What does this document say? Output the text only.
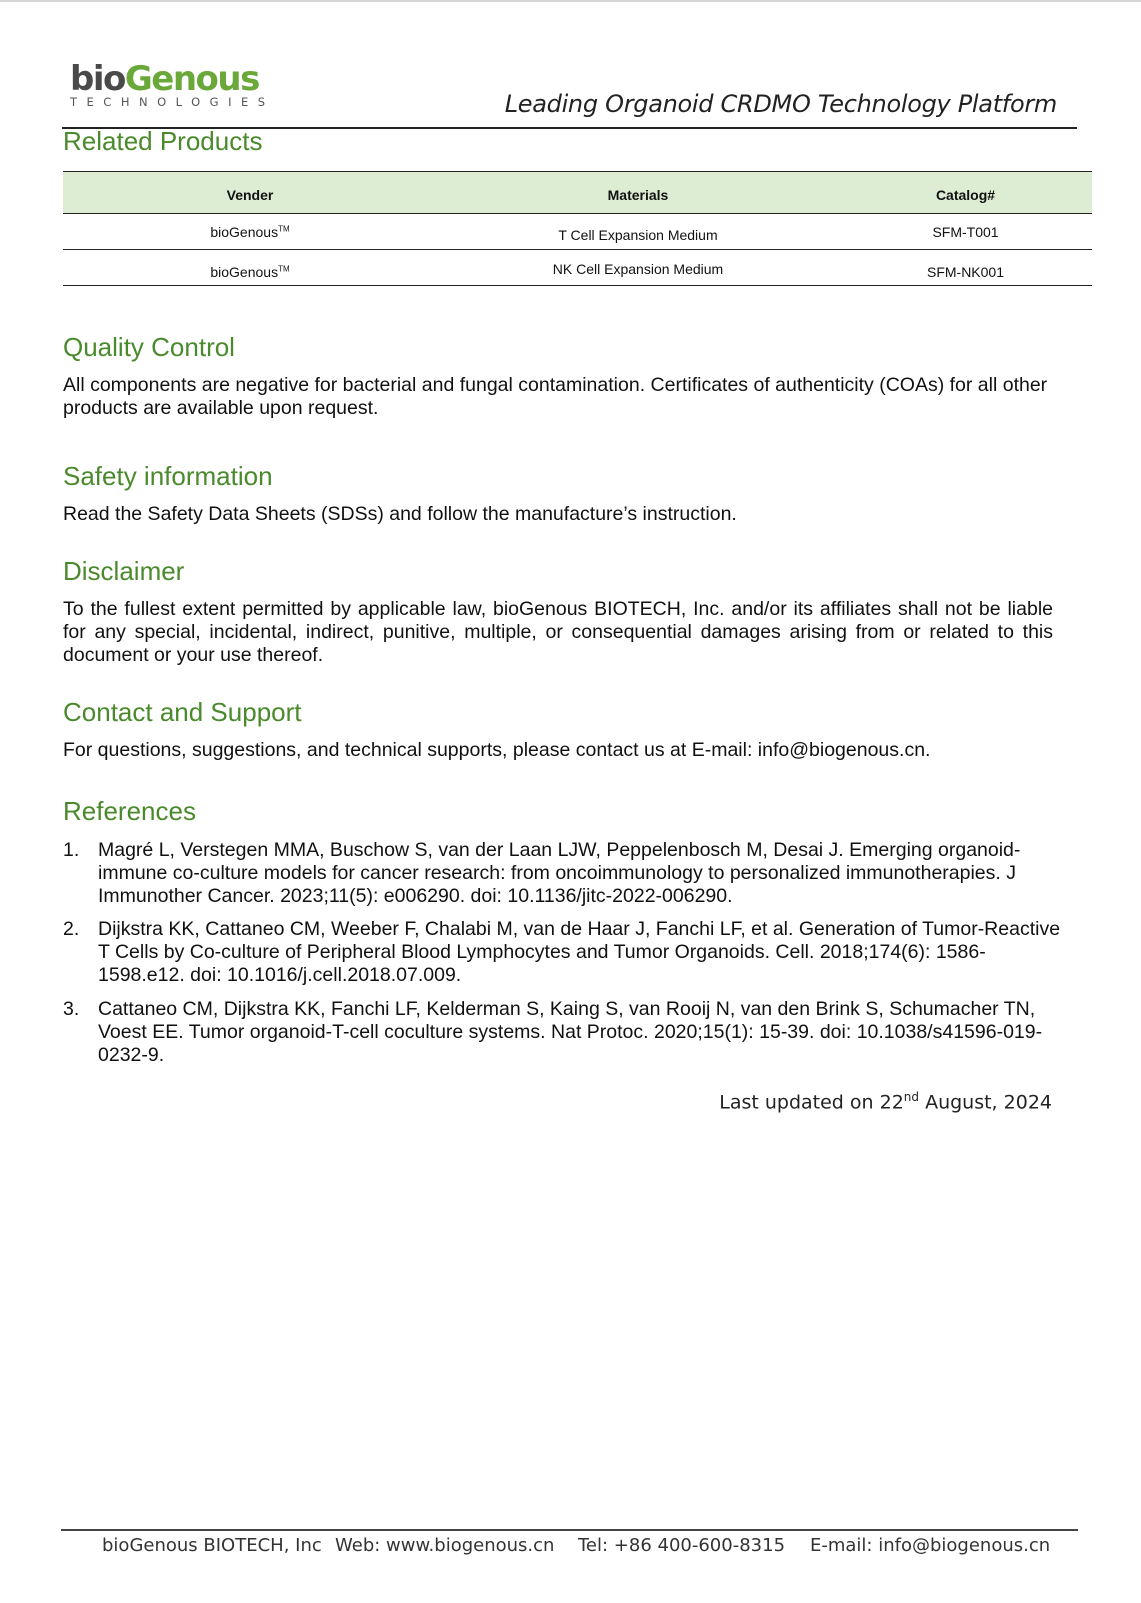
bioGenous
TECHNOLOGIES	Leading Organoid CRDMO Technology Platform
Related Products
Vender	Materials	Catalog#
bioGenous™	T Cell Expansion Medium	SFM-T001
bioGenous™	NK Cell Expansion Medium	SFM-NK001
Quality Control
All components are negative for bacterial and fungal contamination. Certificates of authenticity (COAs) for all other products are available upon request.
Safety information
Read the Safety Data Sheets (SDSs) and follow the manufacture’s instruction.
Disclaimer
To the fullest extent permitted by applicable law, bioGenous BIOTECH, Inc. and/or its affiliates shall not be liable for any special, incidental, indirect, punitive, multiple, or consequential damages arising from or related to this document or your use thereof.
Contact and Support
For questions, suggestions, and technical supports, please contact us at E-mail: info@biogenous.cn.
References
1. Magré L, Verstegen MMA, Buschow S, van der Laan LJW, Peppelenbosch M, Desai J. Emerging organoid-immune co-culture models for cancer research: from oncoimmunology to personalized immunotherapies. J Immunother Cancer. 2023;11(5): e006290. doi: 10.1136/jitc-2022-006290.
2. Dijkstra KK, Cattaneo CM, Weeber F, Chalabi M, van de Haar J, Fanchi LF, et al. Generation of Tumor-Reactive T Cells by Co-culture of Peripheral Blood Lymphocytes and Tumor Organoids. Cell. 2018;174(6): 1586-1598.e12. doi: 10.1016/j.cell.2018.07.009.
3. Cattaneo CM, Dijkstra KK, Fanchi LF, Kelderman S, Kaing S, van Rooij N, van den Brink S, Schumacher TN, Voest EE. Tumor organoid-T-cell coculture systems. Nat Protoc. 2020;15(1): 15-39. doi: 10.1038/s41596-019-0232-9.
Last updated on 22nd August, 2024
bioGenous BIOTECH, Inc Web: www.biogenous.cn Tel: +86 400-600-8315 E-mail: info@biogenous.cn
